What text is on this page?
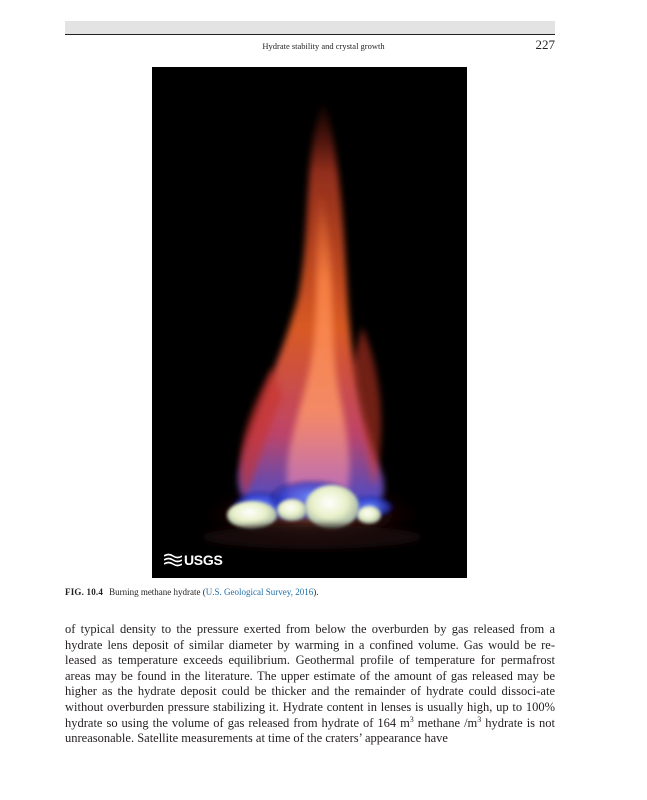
Hydrate stability and crystal growth	227
USGS
FIG. 10.4 Burning methane hydrate (U.S. Geological Survey, 2016).

of typical density to the pressure exerted from below the overburden by gas released from a hydrate lens deposit of similar diameter by warming in a confined volume. Gas would be re-leased as temperature exceeds equilibrium. Geothermal profile of temperature for permafrost areas may be found in the literature. The upper estimate of the amount of gas released may be higher as the hydrate deposit could be thicker and the remainder of hydrate could dissoci-ate without overburden pressure stabilizing it. Hydrate content in lenses is usually high, up to 100% hydrate so using the volume of gas released from hydrate of 164 $m^3$ methane $/m^3$ hydrate is not unreasonable. Satellite measurements at time of the craters’ appearance have
